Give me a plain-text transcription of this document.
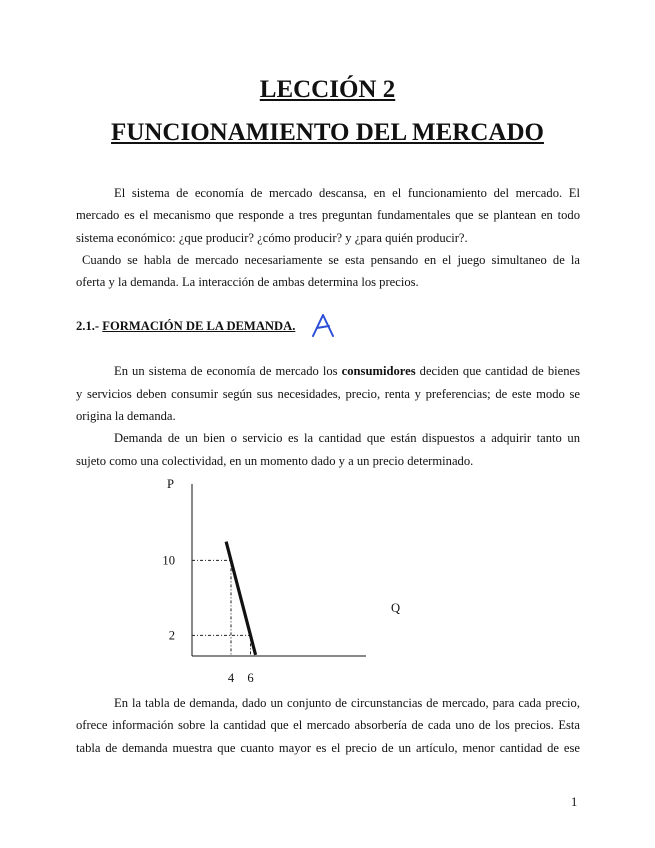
LECCIÓN 2
FUNCIONAMIENTO DEL MERCADO

El sistema de economía de mercado descansa, en el funcionamiento del mercado. El

mercado es el mecanismo que responde a tres preguntan fundamentales que se plantean en todo

sistema económico: ¿que producir? ¿cómo producir? y ¿para quién producir?.

Cuando se habla de mercado necesariamente se esta pensando en el juego simultaneo de la

oferta y la demanda. La interacción de ambas determina los precios.

2.1.- FORMACIÓN DE LA DEMANDA.

En un sistema de economía de mercado los consumidores deciden que cantidad de bienes

y servicios deben consumir según sus necesidades, precio, renta y preferencias; de este modo se

origina la demanda.

Demanda de un bien o servicio es la cantidad que están dispuestos a adquirir tanto un

sujeto como una colectividad, en un momento dado y a un precio determinado.

P
Q
10
2
4 6

En la tabla de demanda, dado un conjunto de circunstancias de mercado, para cada precio,

ofrece información sobre la cantidad que el mercado absorbería de cada uno de los precios. Esta

tabla de demanda muestra que cuanto mayor es el precio de un artículo, menor cantidad de ese

1
